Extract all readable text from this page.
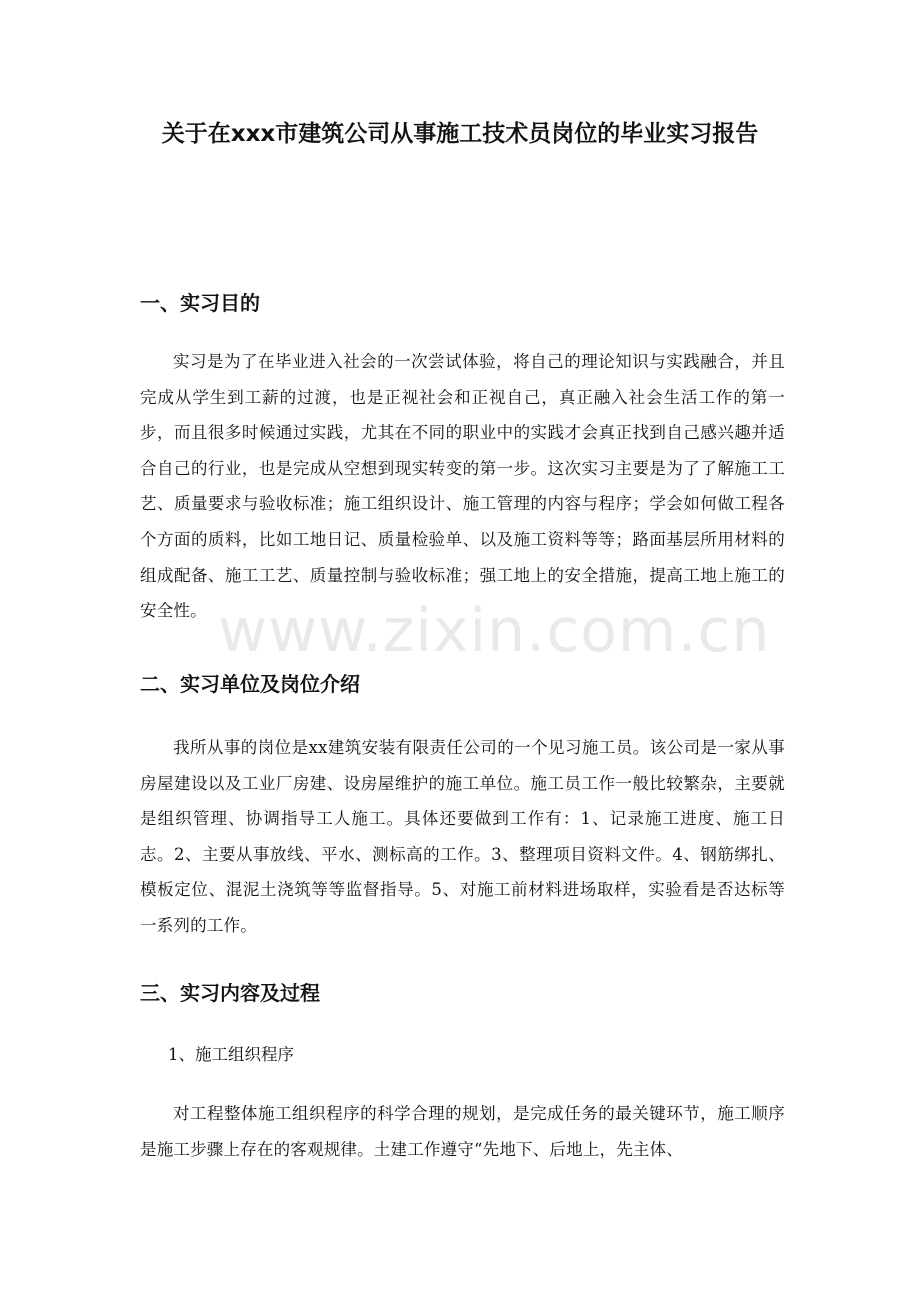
关于在xxx市建筑公司从事施工技术员岗位的毕业实习报告
一、实习目的

实习是为了在毕业进入社会的一次尝试体验，将自己的理论知识与实践融合，并且完成从学生到工薪的过渡，也是正视社会和正视自己，真正融入社会生活工作的第一步，而且很多时候通过实践，尤其在不同的职业中的实践才会真正找到自己感兴趣并适合自己的行业，也是完成从空想到现实转变的第一步。这次实习主要是为了了解施工工艺、质量要求与验收标准；施工组织设计、施工管理的内容与程序；学会如何做工程各个方面的质料，比如工地日记、质量检验单、以及施工资料等等；路面基层所用材料的组成配备、施工工艺、质量控制与验收标准；强工地上的安全措施，提高工地上施工的安全性。

二、实习单位及岗位介绍

我所从事的岗位是xx建筑安装有限责任公司的一个见习施工员。该公司是一家从事房屋建设以及工业厂房建、设房屋维护的施工单位。施工员工作一般比较繁杂，主要就是组织管理、协调指导工人施工。具体还要做到工作有：1、记录施工进度、施工日志。2、主要从事放线、平水、测标高的工作。3、整理项目资料文件。4、钢筋绑扎、模板定位、混泥土浇筑等等监督指导。5、对施工前材料进场取样，实验看是否达标等一系列的工作。

三、实习内容及过程

1、施工组织程序

对工程整体施工组织程序的科学合理的规划，是完成任务的最关键环节，施工顺序是施工步骤上存在的客观规律。土建工作遵守“先地下、后地上，先主体、

www.zixin.com.cn
